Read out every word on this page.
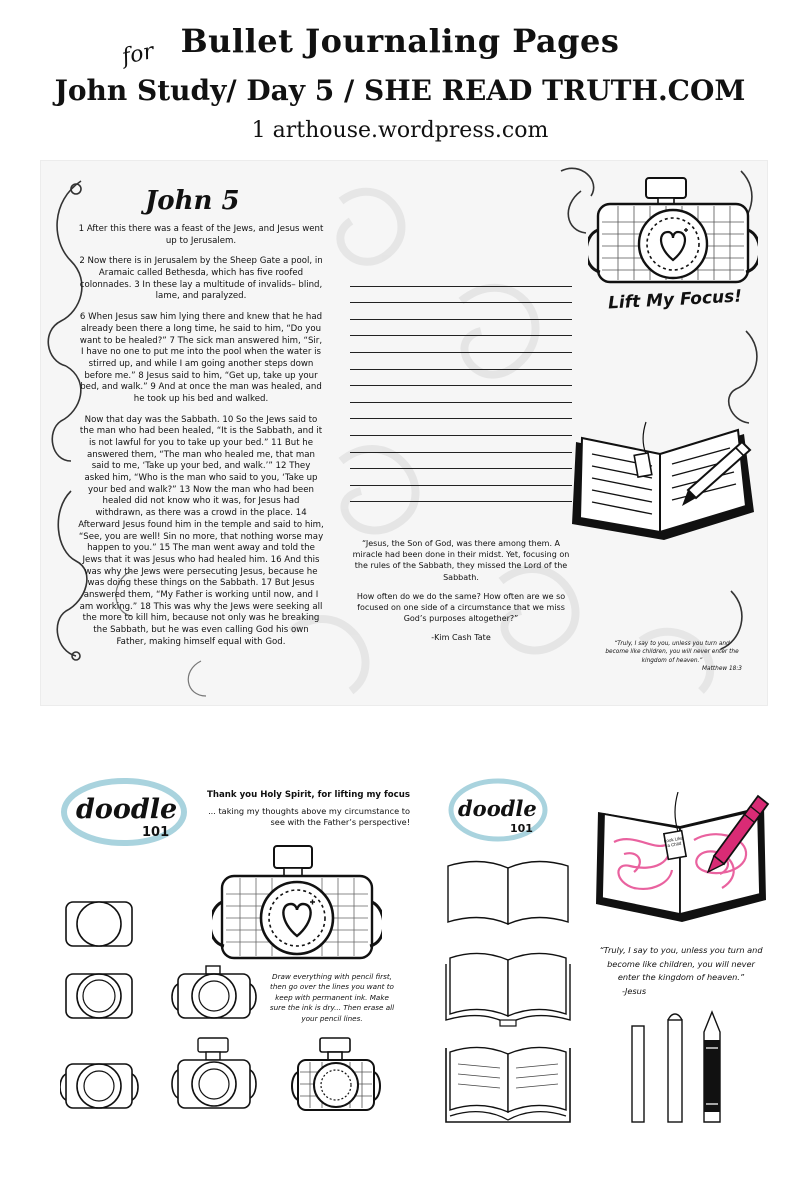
Bullet Journaling Pages
for
John Study/ Day 5 / SHE READ TRUTH.COM
1 arthouse.wordpress.com
John 5

1 After this there was a feast of the Jews, and Jesus went up to Jerusalem.

2 Now there is in Jerusalem by the Sheep Gate a pool, in Aramaic called Bethesda, which has five roofed colonnades. 3 In these lay a multitude of invalids– blind, lame, and paralyzed.

6 When Jesus saw him lying there and knew that he had already been there a long time, he said to him, “Do you want to be healed?” 7 The sick man answered him, “Sir, I have no one to put me into the pool when the water is stirred up, and while I am going another steps down before me.” 8 Jesus said to him, “Get up, take up your bed, and walk.” 9 And at once the man was healed, and he took up his bed and walked.

Now that day was the Sabbath. 10 So the Jews said to the man who had been healed, “It is the Sabbath, and it is not lawful for you to take up your bed.” 11 But he answered them, “The man who healed me, that man said to me, ‘Take up your bed, and walk.’” 12 They asked him, “Who is the man who said to you, ‘Take up your bed and walk?” 13 Now the man who had been healed did not know who it was, for Jesus had withdrawn, as there was a crowd in the place. 14 Afterward Jesus found him in the temple and said to him, “See, you are well! Sin no more, that nothing worse may happen to you.” 15 The man went away and told the Jews that it was Jesus who had healed him. 16 And this was why the Jews were persecuting Jesus, because he was doing these things on the Sabbath. 17 But Jesus answered them, “My Father is working until now, and I am working.” 18 This was why the Jews were seeking all the more to kill him, because not only was he breaking the Sabbath, but he was even calling God his own Father, making himself equal with God.

“Jesus, the Son of God, was there among them. A miracle had been done in their midst. Yet, focusing on the rules of the Sabbath, they missed the Lord of the Sabbath.

How often do we do the same? How often are we so focused on one side of a circumstance that we miss God’s purposes altogether?”

-Kim Cash Tate

Lift My Focus!
“Truly, I say to you, unless you turn and become like children, you will never enter the kingdom of heaven.”
Matthew 18:3
doodle
101
Thank you Holy Spirit, for lifting my focus
... taking my thoughts above my circumstance to see with the Father’s perspective!
Draw everything with pencil first, then go over the lines you want to keep with permanent ink. Make sure the ink is dry... Then erase all your pencil lines.
doodle
101
Look Like a Child
“Truly, I say to you, unless you turn and become like children, you will never enter the kingdom of heaven.”
-Jesus
